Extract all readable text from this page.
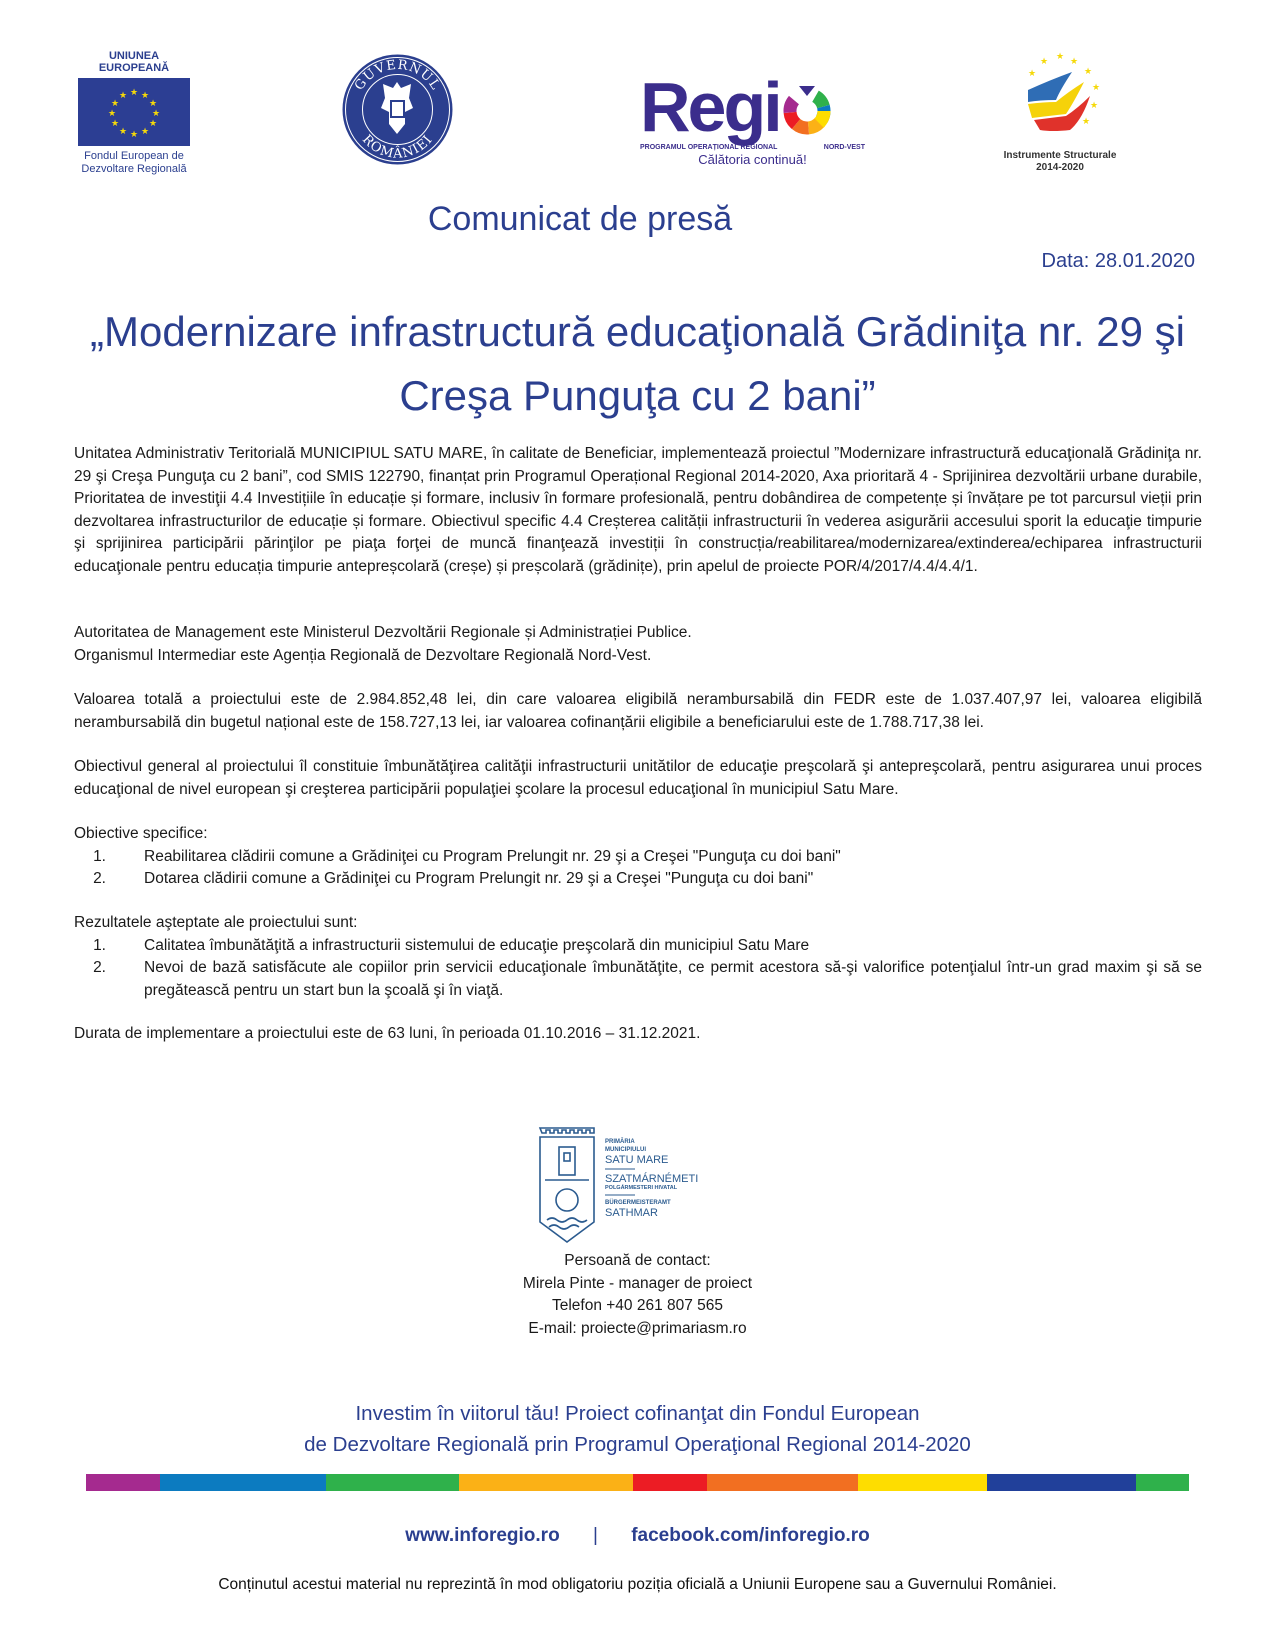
UNIUNEA EUROPEANĂ
★ ★
★
★
★
★
★
★
★
★
★
★
Fondul European de
Dezvoltare Regională
GUVERNUL
ROMÂNIEI	Regi
PROGRAMUL OPERAȚIONAL REGIONAL	NORD-VEST
Călătoria continuă!
★
★ ★ ★
★
★
★
★
Instrumente Structurale
2014-2020
Comunicat de presă
Data: 28.01.2020
„Modernizare infrastructură educaţională Grădiniţa nr. 29 şi Creşa Punguţa cu 2 bani”
Unitatea Administrativ Teritorială MUNICIPIUL SATU MARE, în calitate de Beneficiar, implementează proiectul ”Modernizare infrastructură educaţională Grădiniţa nr. 29 şi Creşa Punguţa cu 2 bani”, cod SMIS 122790, finanțat prin Programul Operațional Regional 2014-2020, Axa prioritară 4 - Sprijinirea dezvoltării urbane durabile, Prioritatea de investiţii 4.4 Investițiile în educație și formare, inclusiv în formare profesională, pentru dobândirea de competențe și învățare pe tot parcursul vieții prin dezvoltarea infrastructurilor de educație și formare. Obiectivul specific 4.4 Creșterea calității infrastructurii în vederea asigurării accesului sporit la educaţie timpurie şi sprijinirea participării părinţilor pe piaţa forţei de muncă finanţează investiții în construcția/reabilitarea/modernizarea/extinderea/echiparea infrastructurii educaţionale pentru educația timpurie antepreșcolară (creșe) și preșcolară (grădinițe), prin apelul de proiecte POR/4/2017/4.4/4.4/1.
Autoritatea de Management este Ministerul Dezvoltării Regionale și Administrației Publice.
Organismul Intermediar este Agenția Regională de Dezvoltare Regională Nord-Vest.
Valoarea totală a proiectului este de 2.984.852,48 lei, din care valoarea eligibilă nerambursabilă din FEDR este de 1.037.407,97 lei, valoarea eligibilă nerambursabilă din bugetul național este de 158.727,13 lei, iar valoarea cofinanțării eligibile a beneficiarului este de 1.788.717,38 lei.
Obiectivul general al proiectului îl constituie îmbunătăţirea calităţii infrastructurii unitătilor de educaţie preşcolară şi antepreşcolară, pentru asigurarea unui proces educaţional de nivel european şi creşterea participării populaţiei şcolare la procesul educaţional în municipiul Satu Mare.
Obiective specifice:
1.	Reabilitarea clădirii comune a Grădiniţei cu Program Prelungit nr. 29 şi a Creşei "Punguţa cu doi bani"
2.	Dotarea clădirii comune a Grădiniţei cu Program Prelungit nr. 29 şi a Creşei "Punguţa cu doi bani"
Rezultatele aşteptate ale proiectului sunt:
1.	Calitatea îmbunătăţită a infrastructurii sistemului de educaţie preşcolară din municipiul Satu Mare
2.	Nevoi de bază satisfăcute ale copiilor prin servicii educaţionale îmbunătăţite, ce permit acestora să-şi valorifice potenţialul într-un grad maxim şi să se pregătească pentru un start bun la şcoală şi în viaţă.
Durata de implementare a proiectului este de 63 luni, în perioada 01.10.2016 – 31.12.2021.
PRIMĂRIA
MUNICIPIULUI
SATU MARE
SZATMÁRNÉMETI
POLGÁRMESTERI HIVATAL
BÜRGERMEISTERAMT
SATHMAR
Persoană de contact:
Mirela Pinte - manager de proiect
Telefon +40 261 807 565
E-mail: proiecte@primariasm.ro
Investim în viitorul tău! Proiect cofinanţat din Fondul European
de Dezvoltare Regională prin Programul Operaţional Regional 2014-2020
www.inforegio.ro | facebook.com/inforegio.ro
Conținutul acestui material nu reprezintă în mod obligatoriu poziția oficială a Uniunii Europene sau a Guvernului României.
